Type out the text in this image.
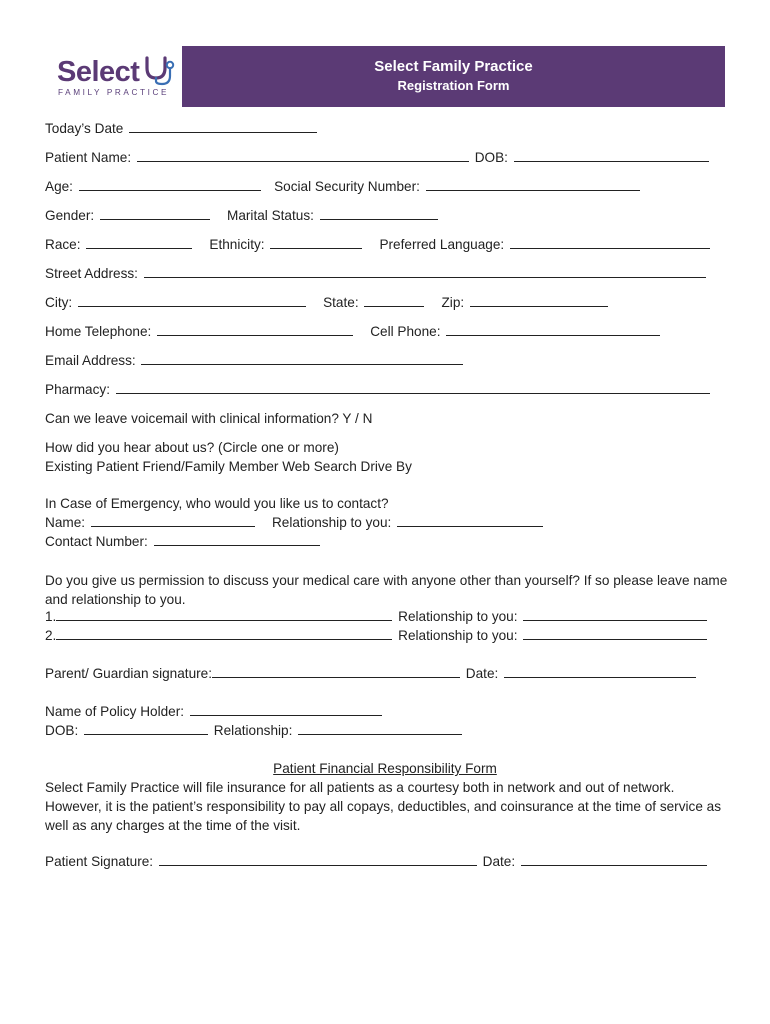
Select
FAMILY PRACTICE
Select Family Practice
Registration Form
Today’s Date
Patient Name:	DOB:
Age:	Social Security Number:
Gender:	Marital Status:
Race:	Ethnicity:	Preferred Language:
Street Address:
City:	State:	Zip:
Home Telephone:	Cell Phone:
Email Address:
Pharmacy:
Can we leave voicemail with clinical information? Y / N
How did you hear about us? (Circle one or more)
Existing Patient Friend/Family Member Web Search Drive By
In Case of Emergency, who would you like us to contact?
Name:	Relationship to you:
Contact Number:
Do you give us permission to discuss your medical care with anyone other than yourself? If so please leave name and relationship to you.
1.	Relationship to you:
2.	Relationship to you:
Parent/ Guardian signature:	Date:
Name of Policy Holder:
DOB:	Relationship:
Patient Financial Responsibility Form
Select Family Practice will file insurance for all patients as a courtesy both in network and out of network. However, it is the patient’s responsibility to pay all copays, deductibles, and coinsurance at the time of service as well as any charges at the time of the visit.
Patient Signature:	Date:
